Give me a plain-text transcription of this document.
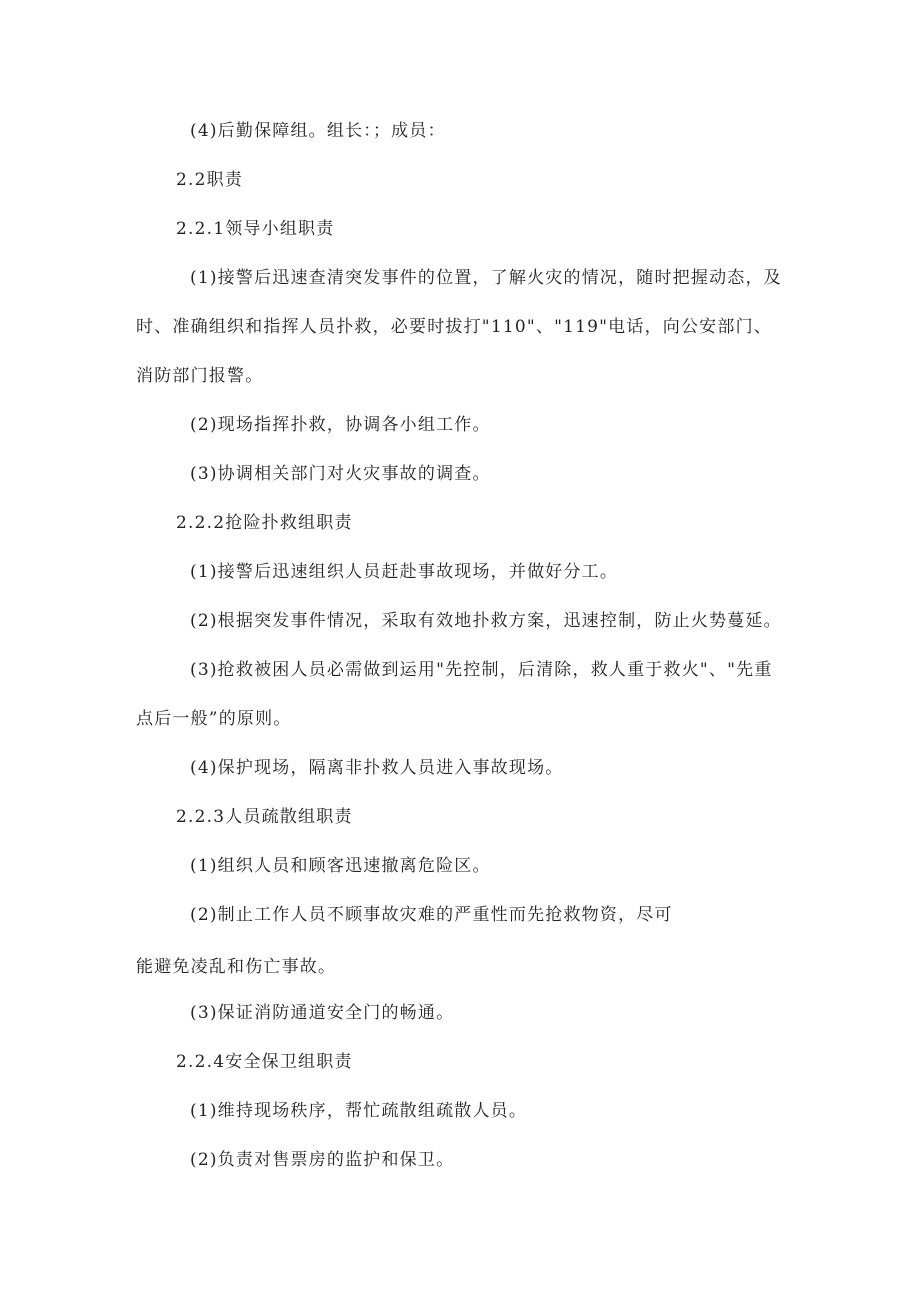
(4)后勤保障组。组长：；成员：
2.2职责
2.2.1领导小组职责
(1)接警后迅速查清突发事件的位置，了解火灾的情况，随时把握动态，及
时、准确组织和指挥人员扑救，必要时拔打"110"、"119"电话，向公安部门、
消防部门报警。
(2)现场指挥扑救，协调各小组工作。
(3)协调相关部门对火灾事故的调查。
2.2.2抢险扑救组职责
(1)接警后迅速组织人员赶赴事故现场，并做好分工。
(2)根据突发事件情况，采取有效地扑救方案，迅速控制，防止火势蔓延。
(3)抢救被困人员必需做到运用"先控制，后清除，救人重于救火"、"先重
点后一般”的原则。
(4)保护现场，隔离非扑救人员进入事故现场。
2.2.3人员疏散组职责
(1)组织人员和顾客迅速撤离危险区。
(2)制止工作人员不顾事故灾难的严重性而先抢救物资，尽可
能避免凌乱和伤亡事故。
(3)保证消防通道安全门的畅通。
2.2.4安全保卫组职责
(1)维持现场秩序，帮忙疏散组疏散人员。
(2)负责对售票房的监护和保卫。
